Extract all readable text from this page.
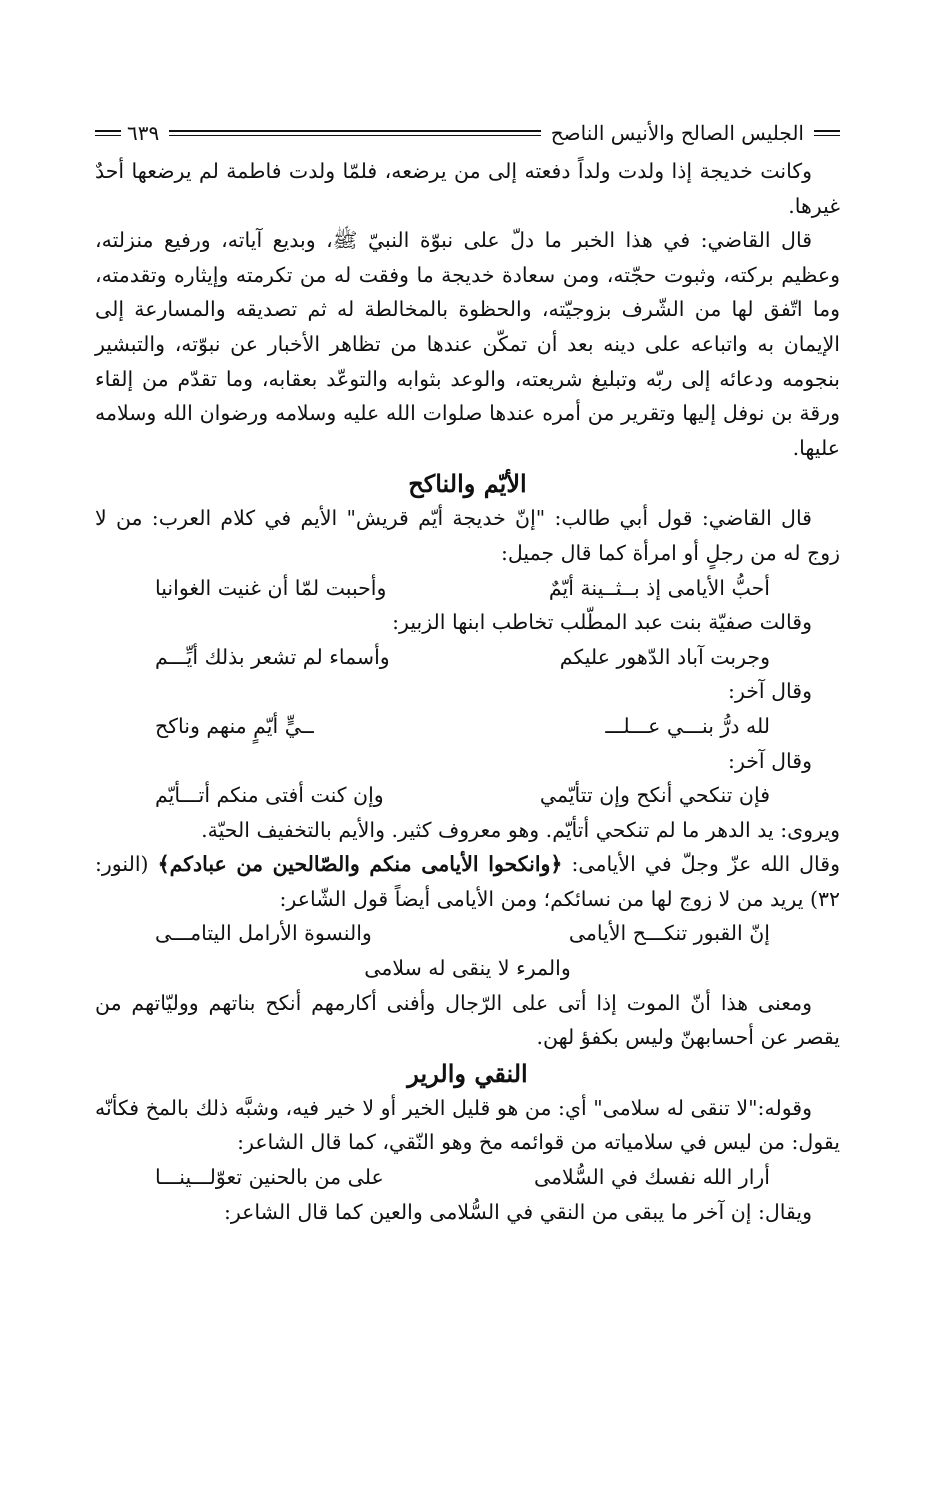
الجليس الصالح والأنيس الناصح
٦٣٩

وكانت خديجة إذا ولدت ولداً دفعته إلى من يرضعه، فلمّا ولدت فاطمة لم يرضعها أحدٌ غيرها.

قال القاضي: في هذا الخبر ما دلّ على نبوّة النبيّ ﷺ، وبديع آياته، ورفيع منزلته، وعظيم بركته، وثبوت حجّته، ومن سعادة خديجة ما وفقت له من تكرمته وإيثاره وتقدمته، وما اتّفق لها من الشّرف بزوجيّته، والحظوة بالمخالطة له ثم تصديقه والمسارعة إلى الإيمان به واتباعه على دينه بعد أن تمكّن عندها من تظاهر الأخبار عن نبوّته، والتبشير بنجومه ودعائه إلى ربّه وتبليغ شريعته، والوعد بثوابه والتوعّد بعقابه، وما تقدّم من إلقاء ورقة بن نوفل إليها وتقرير من أمره عندها صلوات الله عليه وسلامه ورضوان الله وسلامه عليها.

الأيّم والناكح

قال القاضي: قول أبي طالب: "إنّ خديجة أيّم قريش" الأيم في كلام العرب: من لا زوج له من رجلٍ أو امرأة كما قال جميل:

أحبُّ الأيامى إذ بــثــينة أيّمٌ
وأحببت لمّا أن غنيت الغوانيا

وقالت صفيّة بنت عبد المطّلب تخاطب ابنها الزبير:

وجربت آباد الدّهور عليكم
وأسماء لم تشعر بذلك أيِّـــم

وقال آخر:

لله درُّ بنـــي عـــلـــ
ــيٍّ أيّمٍ منهم وناكح

وقال آخر:

فإن تنكحي أنكح وإن تتأيّمي
وإن كنت أفتى منكم أتـــأيّم

ويروى: يد الدهر ما لم تنكحي أتأيّم. وهو معروف كثير. والأيم بالتخفيف الحيّة.

وقال الله عزّ وجلّ في الأيامى: ﴿وانكحوا الأيامى منكم والصّالحين من عبادكم﴾ (النور: ٣٢) يريد من لا زوج لها من نسائكم؛ ومن الأيامى أيضاً قول الشّاعر:

إنّ القبور تنكـــح الأيامى
والنسوة الأرامل اليتامـــى
والمرء لا ينقى له سلامى

ومعنى هذا أنّ الموت إذا أتى على الرّجال وأفنى أكارمهم أنكح بناتهم ووليّاتهم من يقصر عن أحسابهنّ وليس بكفؤ لهن.

النقي والرير

وقوله:"لا تنقى له سلامى" أي: من هو قليل الخير أو لا خير فيه، وشبَّه ذلك بالمخ فكأنّه يقول: من ليس في سلامياته من قوائمه مخ وهو النّقي، كما قال الشاعر:

أرار الله نفسك في السُّلامى
على من بالحنين تعوّلـــينـــا

ويقال: إن آخر ما يبقى من النقي في السُّلامى والعين كما قال الشاعر:
